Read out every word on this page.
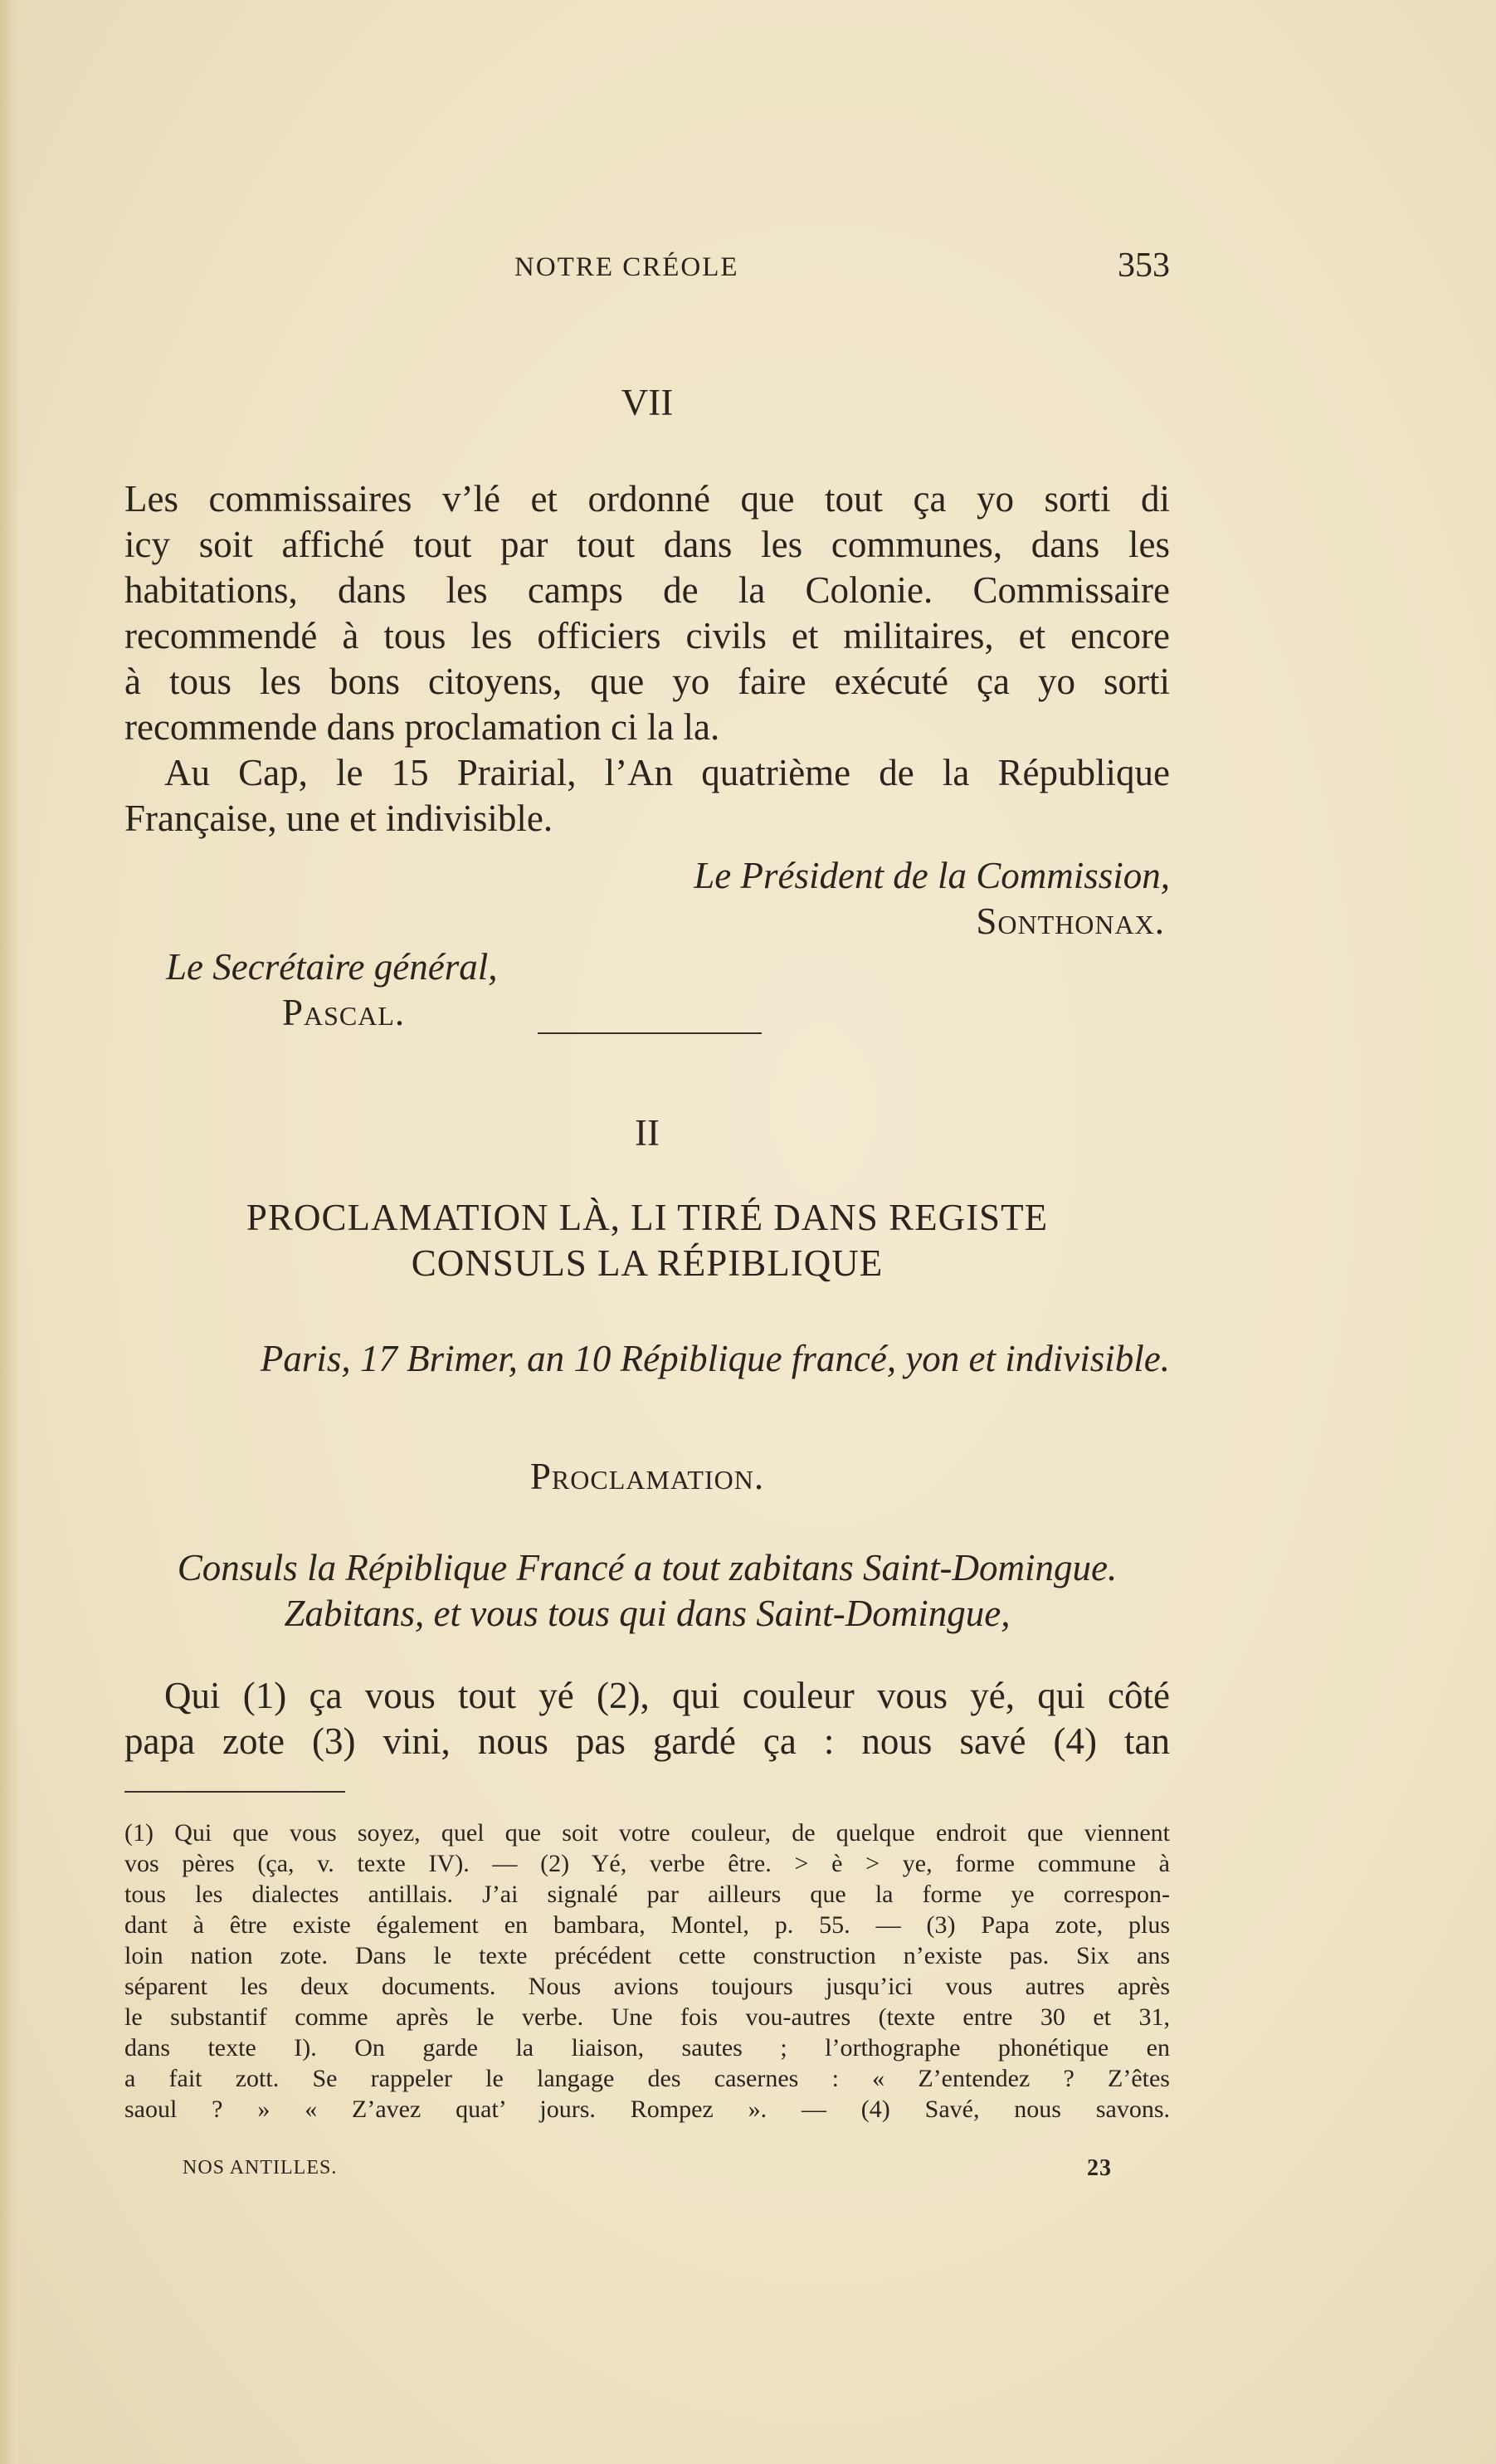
NOTRE CRÉOLE	353
VII
Les commissaires v’lé et ordonné que tout ça yo sorti di
icy soit affiché tout par tout dans les communes, dans les
habitations, dans les camps de la Colonie. Commissaire
recommendé à tous les officiers civils et militaires, et encore
à tous les bons citoyens, que yo faire exécuté ça yo sorti
recommende dans proclamation ci la la.
Au Cap, le 15 Prairial, l’An quatrième de la République
Française, une et indivisible.
Le Président de la Commission,
Sonthonax.
Le Secrétaire général,
Pascal.
II
PROCLAMATION LÀ, LI TIRÉ DANS REGISTE
CONSULS LA RÉPIBLIQUE
Paris, 17 Brimer, an 10 Répiblique francé, yon et indivisible.
Proclamation.
Consuls la Répiblique Francé a tout zabitans Saint-Domingue.
Zabitans, et vous tous qui dans Saint-Domingue,
Qui (1) ça vous tout yé (2), qui couleur vous yé, qui côté
papa zote (3) vini, nous pas gardé ça : nous savé (4) tan
(1) Qui que vous soyez, quel que soit votre couleur, de quelque endroit que viennent
vos pères (ça, v. texte IV). — (2) Yé, verbe être. > è > ye, forme commune à
tous les dialectes antillais. J’ai signalé par ailleurs que la forme ye correspon-
dant à être existe également en bambara, Montel, p. 55. — (3) Papa zote, plus
loin nation zote. Dans le texte précédent cette construction n’existe pas. Six ans
séparent les deux documents. Nous avions toujours jusqu’ici vous autres après
le substantif comme après le verbe. Une fois vou-autres (texte entre 30 et 31,
dans texte I). On garde la liaison, sautes ; l’orthographe phonétique en
a fait zott. Se rappeler le langage des casernes : « Z’entendez ? Z’êtes
saoul ? » « Z’avez quat’ jours. Rompez ». — (4) Savé, nous savons.
NOS ANTILLES.	23
